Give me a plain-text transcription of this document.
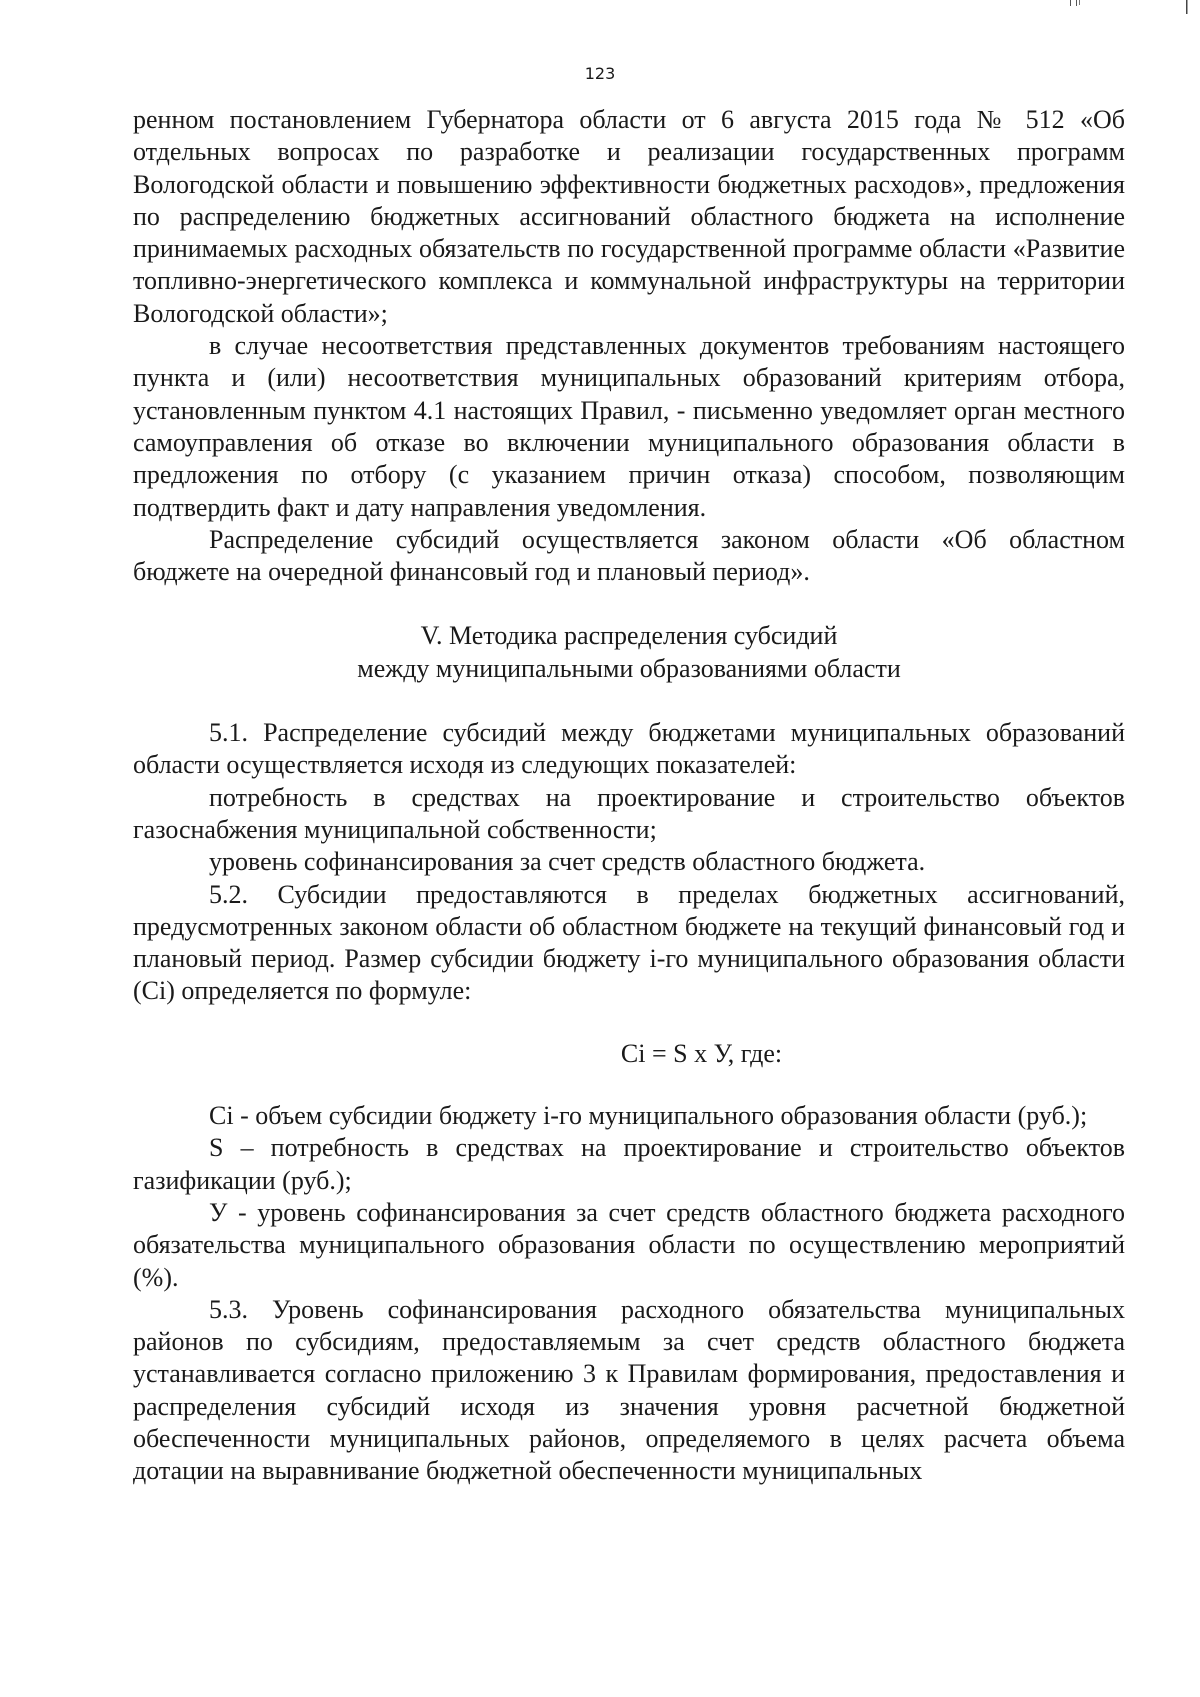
123

ренном постановлением Губернатора области от 6 августа 2015 года № 512 «Об отдельных вопросах по разработке и реализации государственных программ Вологодской области и повышению эффективности бюджетных расходов», предложения по распределению бюджетных ассигнований областного бюджета на исполнение принимаемых расходных обязательств по государственной программе области «Развитие топливно-энергетического комплекса и коммунальной инфраструктуры на территории Вологодской области»;

в случае несоответствия представленных документов требованиям настоящего пункта и (или) несоответствия муниципальных образований критериям отбора, установленным пунктом 4.1 настоящих Правил, - письменно уведомляет орган местного самоуправления об отказе во включении муниципального образования области в предложения по отбору (с указанием причин отказа) способом, позволяющим подтвердить факт и дату направления уведомления.

Распределение субсидий осуществляется законом области «Об областном бюджете на очередной финансовый год и плановый период».

V. Методика распределения субсидий
между муниципальными образованиями области

5.1. Распределение субсидий между бюджетами муниципальных образований области осуществляется исходя из следующих показателей:

потребность в средствах на проектирование и строительство объектов газоснабжения муниципальной собственности;

уровень софинансирования за счет средств областного бюджета.

5.2. Субсидии предоставляются в пределах бюджетных ассигнований, предусмотренных законом области об областном бюджете на текущий финансовый год и плановый период. Размер субсидии бюджету i-го муниципального образования области (Ci) определяется по формуле:

Ci = S x У, где:

Ci - объем субсидии бюджету i-го муниципального образования области (руб.);

S – потребность в средствах на проектирование и строительство объектов газификации (руб.);

У - уровень софинансирования за счет средств областного бюджета расходного обязательства муниципального образования области по осуществлению мероприятий (%).

5.3. Уровень софинансирования расходного обязательства муниципальных районов по субсидиям, предоставляемым за счет средств областного бюджета устанавливается согласно приложению 3 к Правилам формирования, предоставления и распределения субсидий исходя из значения уровня расчетной бюджетной обеспеченности муниципальных районов, определяемого в целях расчета объема дотации на выравнивание бюджетной обеспеченности муниципальных
